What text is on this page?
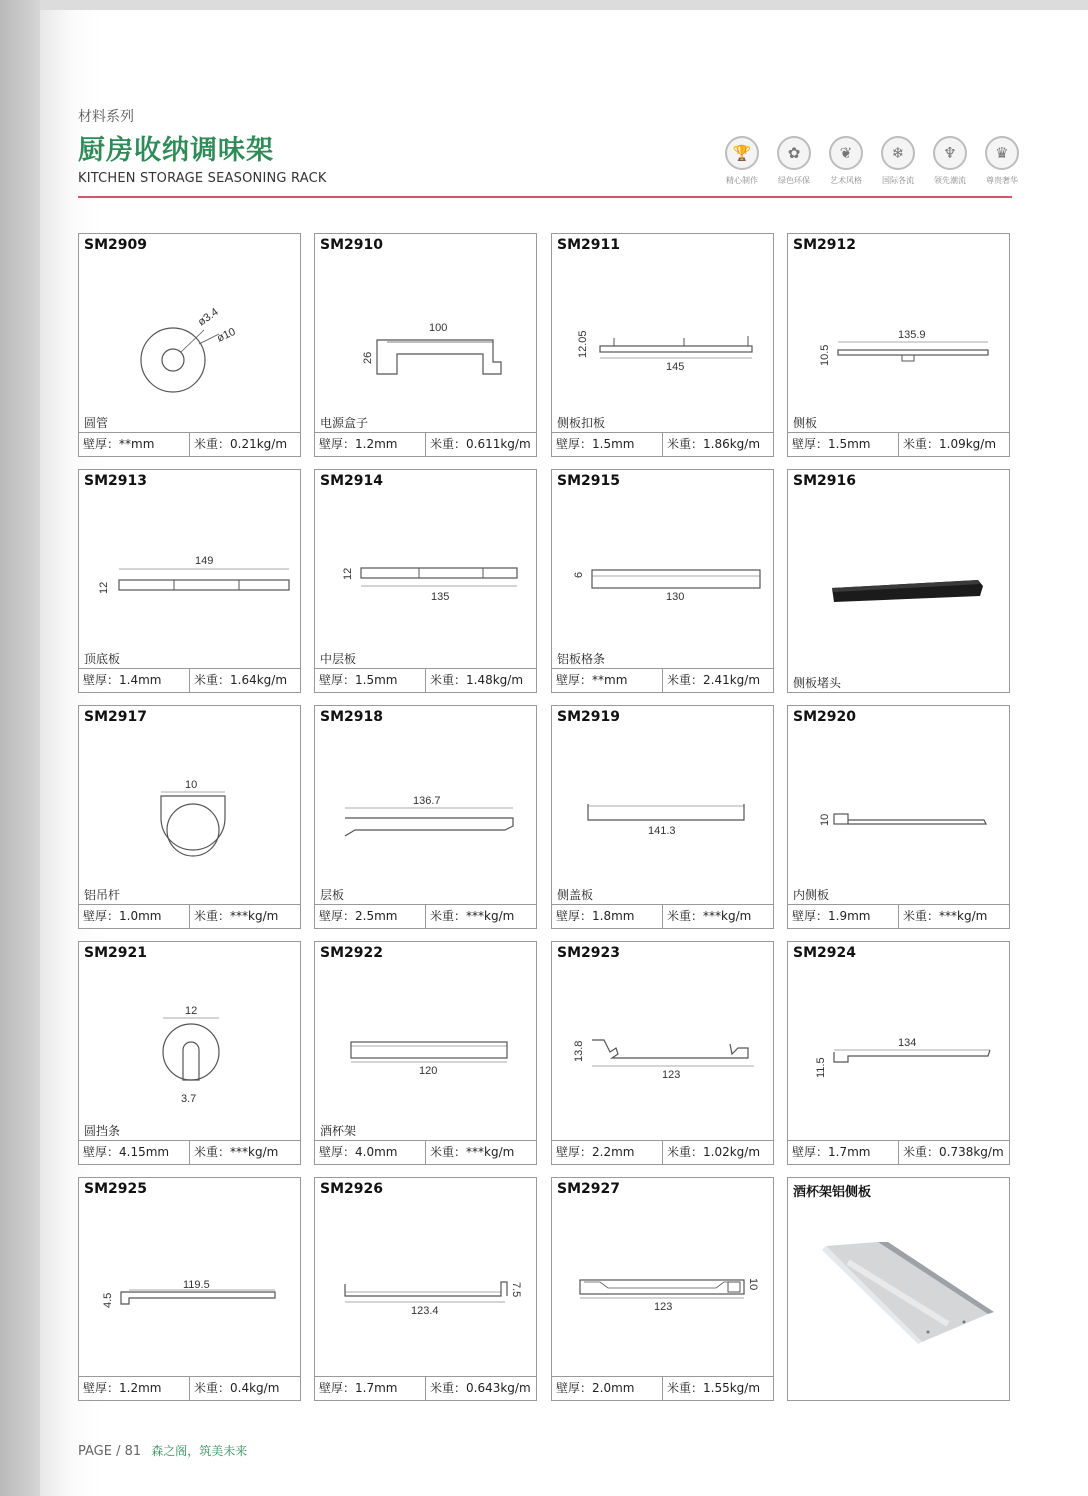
材料系列
厨房收纳调味架
KITCHEN STORAGE SEASONING RACK
🏆
精心制作
✿
绿色环保
❦
艺术风格
❄
国际各流
♆
领先潮流
♛
尊贵奢华
SM2909
ø3.4
ø10
圆管
壁厚：**mm	米重：0.21kg/m
SM2910
100
26
电源盒子
壁厚：1.2mm	米重：0.611kg/m
SM2911
145
12.05
侧板扣板
壁厚：1.5mm	米重：1.86kg/m
SM2912
135.9
10.5
侧板
壁厚：1.5mm	米重：1.09kg/m
SM2913
149
12
顶底板
壁厚：1.4mm	米重：1.64kg/m
SM2914
135
12
中层板
壁厚：1.5mm	米重：1.48kg/m
SM2915
130
6
铝板格条
壁厚：**mm	米重：2.41kg/m
SM2916
侧板堵头
SM2917
10
铝吊杆
壁厚：1.0mm	米重：***kg/m
SM2918
136.7
层板
壁厚：2.5mm	米重：***kg/m
SM2919
141.3
侧盖板
壁厚：1.8mm	米重：***kg/m
SM2920
10
内侧板
壁厚：1.9mm	米重：***kg/m
SM2921
12
3.7
圆挡条
壁厚：4.15mm	米重：***kg/m
SM2922
120
酒杯架
壁厚：4.0mm	米重：***kg/m
SM2923
123
13.8
壁厚：2.2mm	米重：1.02kg/m
SM2924
134
11.5
壁厚：1.7mm	米重：0.738kg/m
SM2925
119.5
4.5
壁厚：1.2mm	米重：0.4kg/m
SM2926
123.4
7.5
壁厚：1.7mm	米重：0.643kg/m
SM2927
123
10
壁厚：2.0mm	米重：1.55kg/m
酒杯架铝侧板
PAGE / 81 森之阁，筑美未来
